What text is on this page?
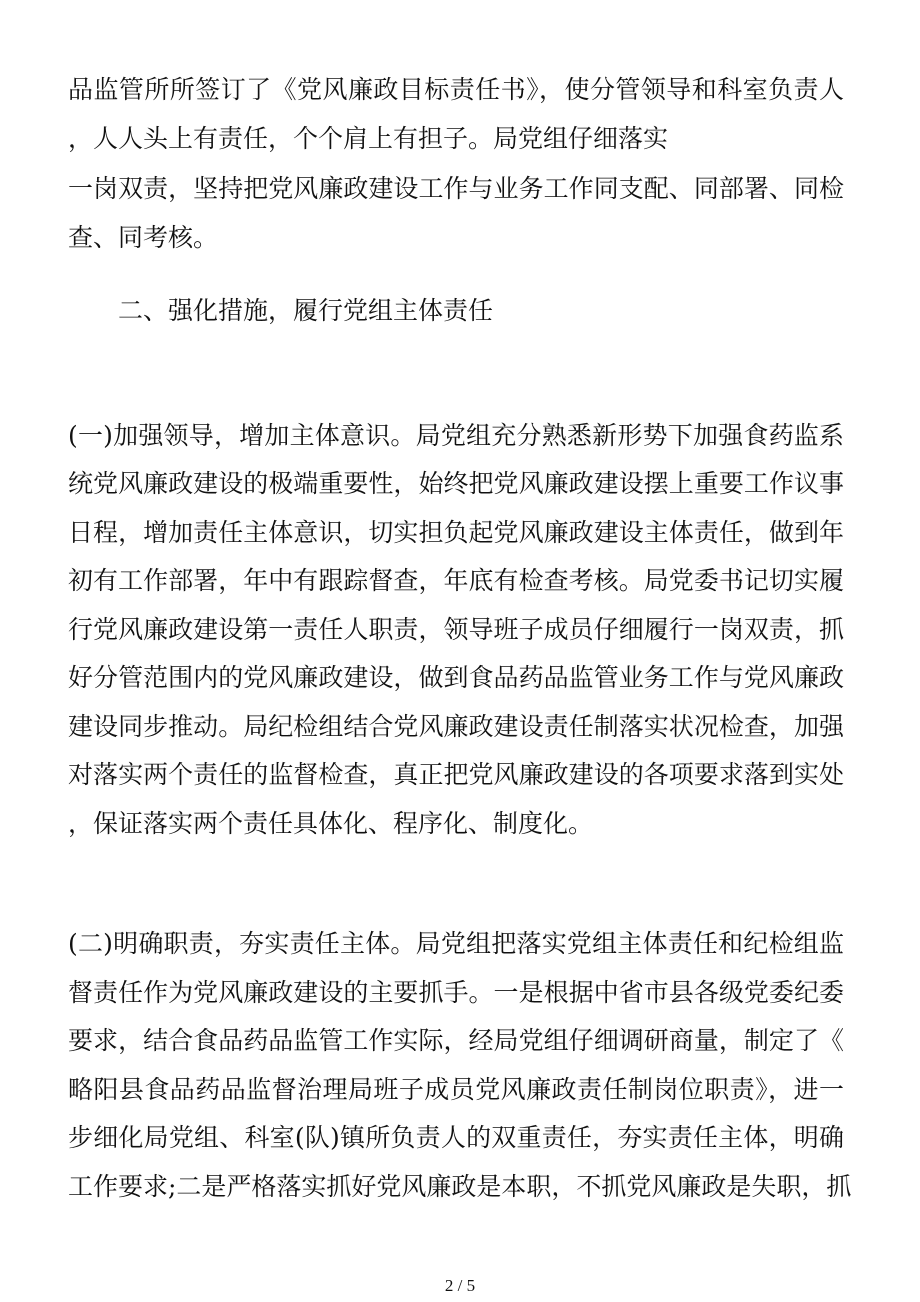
品监管所所签订了《党风廉政目标责任书》，使分管领导和科室负责人
，人人头上有责任，个个肩上有担子。局党组仔细落实
一岗双责，坚持把党风廉政建设工作与业务工作同支配、同部署、同检
查、同考核。
二、强化措施，履行党组主体责任
(一)加强领导，增加主体意识。局党组充分熟悉新形势下加强食药监系
统党风廉政建设的极端重要性，始终把党风廉政建设摆上重要工作议事
日程，增加责任主体意识，切实担负起党风廉政建设主体责任，做到年
初有工作部署，年中有跟踪督查，年底有检查考核。局党委书记切实履
行党风廉政建设第一责任人职责，领导班子成员仔细履行一岗双责，抓
好分管范围内的党风廉政建设，做到食品药品监管业务工作与党风廉政
建设同步推动。局纪检组结合党风廉政建设责任制落实状况检查，加强
对落实两个责任的监督检查，真正把党风廉政建设的各项要求落到实处
，保证落实两个责任具体化、程序化、制度化。
(二)明确职责，夯实责任主体。局党组把落实党组主体责任和纪检组监
督责任作为党风廉政建设的主要抓手。一是根据中省市县各级党委纪委
要求，结合食品药品监管工作实际，经局党组仔细调研商量，制定了《
略阳县食品药品监督治理局班子成员党风廉政责任制岗位职责》，进一
步细化局党组、科室(队)镇所负责人的双重责任，夯实责任主体，明确
工作要求;二是严格落实抓好党风廉政是本职，不抓党风廉政是失职，抓
2 / 5
